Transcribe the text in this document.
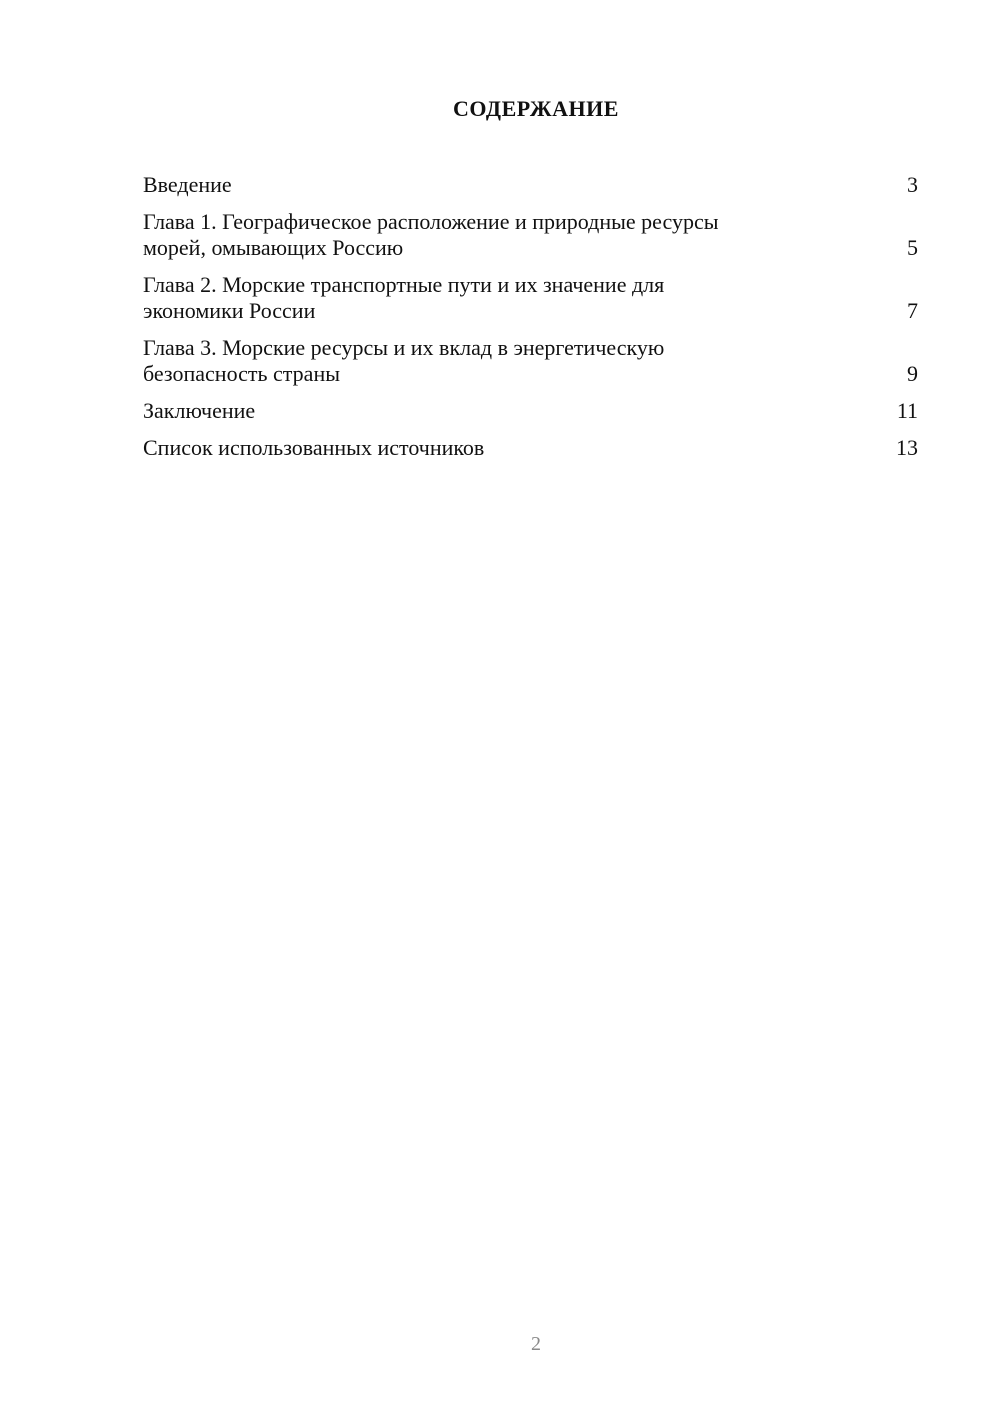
СОДЕРЖАНИЕ
Введение	3
Глава 1. Географическое расположение и природные ресурсы
морей, омывающих Россию	5
Глава 2. Морские транспортные пути и их значение для
экономики России	7
Глава 3. Морские ресурсы и их вклад в энергетическую
безопасность страны	9
Заключение	11
Список использованных источников	13
2
